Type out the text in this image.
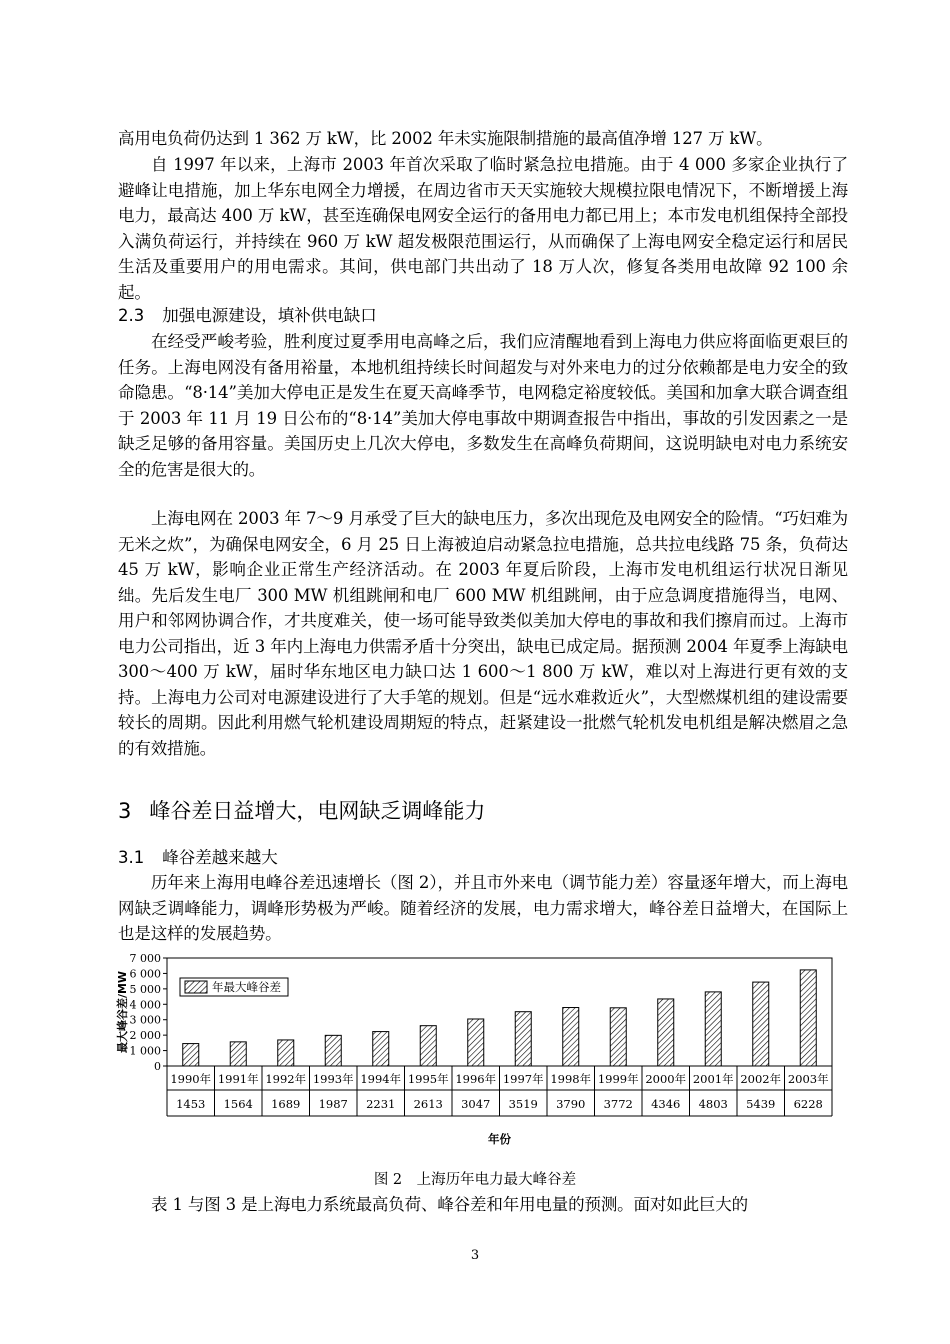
高用电负荷仍达到 1 362 万 kW，比 2002 年未实施限制措施的最高值净增 127 万 kW。

自 1997 年以来，上海市 2003 年首次采取了临时紧急拉电措施。由于 4 000 多家企业执行了避峰让电措施，加上华东电网全力增援，在周边省市天天实施较大规模拉限电情况下，不断增援上海电力，最高达 400 万 kW，甚至连确保电网安全运行的备用电力都已用上；本市发电机组保持全部投入满负荷运行，并持续在 960 万 kW 超发极限范围运行，从而确保了上海电网安全稳定运行和居民生活及重要用户的用电需求。其间，供电部门共出动了 18 万人次，修复各类用电故障 92 100 余起。

2.3 加强电源建设，填补供电缺口

在经受严峻考验，胜利度过夏季用电高峰之后，我们应清醒地看到上海电力供应将面临更艰巨的任务。上海电网没有备用裕量，本地机组持续长时间超发与对外来电力的过分依赖都是电力安全的致命隐患。“8·14”美加大停电正是发生在夏天高峰季节，电网稳定裕度较低。美国和加拿大联合调查组于 2003 年 11 月 19 日公布的“8·14”美加大停电事故中期调查报告中指出，事故的引发因素之一是缺乏足够的备用容量。美国历史上几次大停电，多数发生在高峰负荷期间，这说明缺电对电力系统安全的危害是很大的。

上海电网在 2003 年 7～9 月承受了巨大的缺电压力，多次出现危及电网安全的险情。“巧妇难为无米之炊”，为确保电网安全，6 月 25 日上海被迫启动紧急拉电措施，总共拉电线路 75 条，负荷达 45 万 kW，影响企业正常生产经济活动。在 2003 年夏后阶段，上海市发电机组运行状况日渐见绌。先后发生电厂 300 MW 机组跳闸和电厂 600 MW 机组跳闸，由于应急调度措施得当，电网、用户和邻网协调合作，才共度难关，使一场可能导致类似美加大停电的事故和我们擦肩而过。上海市电力公司指出，近 3 年内上海电力供需矛盾十分突出，缺电已成定局。据预测 2004 年夏季上海缺电 300～400 万 kW，届时华东地区电力缺口达 1 600～1 800 万 kW，难以对上海进行更有效的支持。上海电力公司对电源建设进行了大手笔的规划。但是“远水难救近火”，大型燃煤机组的建设需要较长的周期。因此利用燃气轮机建设周期短的特点，赶紧建设一批燃气轮机发电机组是解决燃眉之急的有效措施。

3 峰谷差日益增大，电网缺乏调峰能力

3.1 峰谷差越来越大

历年来上海用电峰谷差迅速增长（图 2），并且市外来电（调节能力差）容量逐年增大，而上海电网缺乏调峰能力，调峰形势极为严峻。随着经济的发展，电力需求增大，峰谷差日益增大，在国际上也是这样的发展趋势。

0
1 000
2 000
3 000
4 000
5 000
6 000
7 000
最大峰谷差/MW	年最大峰谷差
1990年
1453
1991年
1564
1992年
1689
1993年
1987
1994年
2231
1995年
2613
1996年
3047
1997年
3519
1998年
3790
1999年
3772
2000年
4346
2001年
4803
2002年
5439
2003年
6228
年份

图 2　上海历年电力最大峰谷差

表 1 与图 3 是上海电力系统最高负荷、峰谷差和年用电量的预测。面对如此巨大的

3
